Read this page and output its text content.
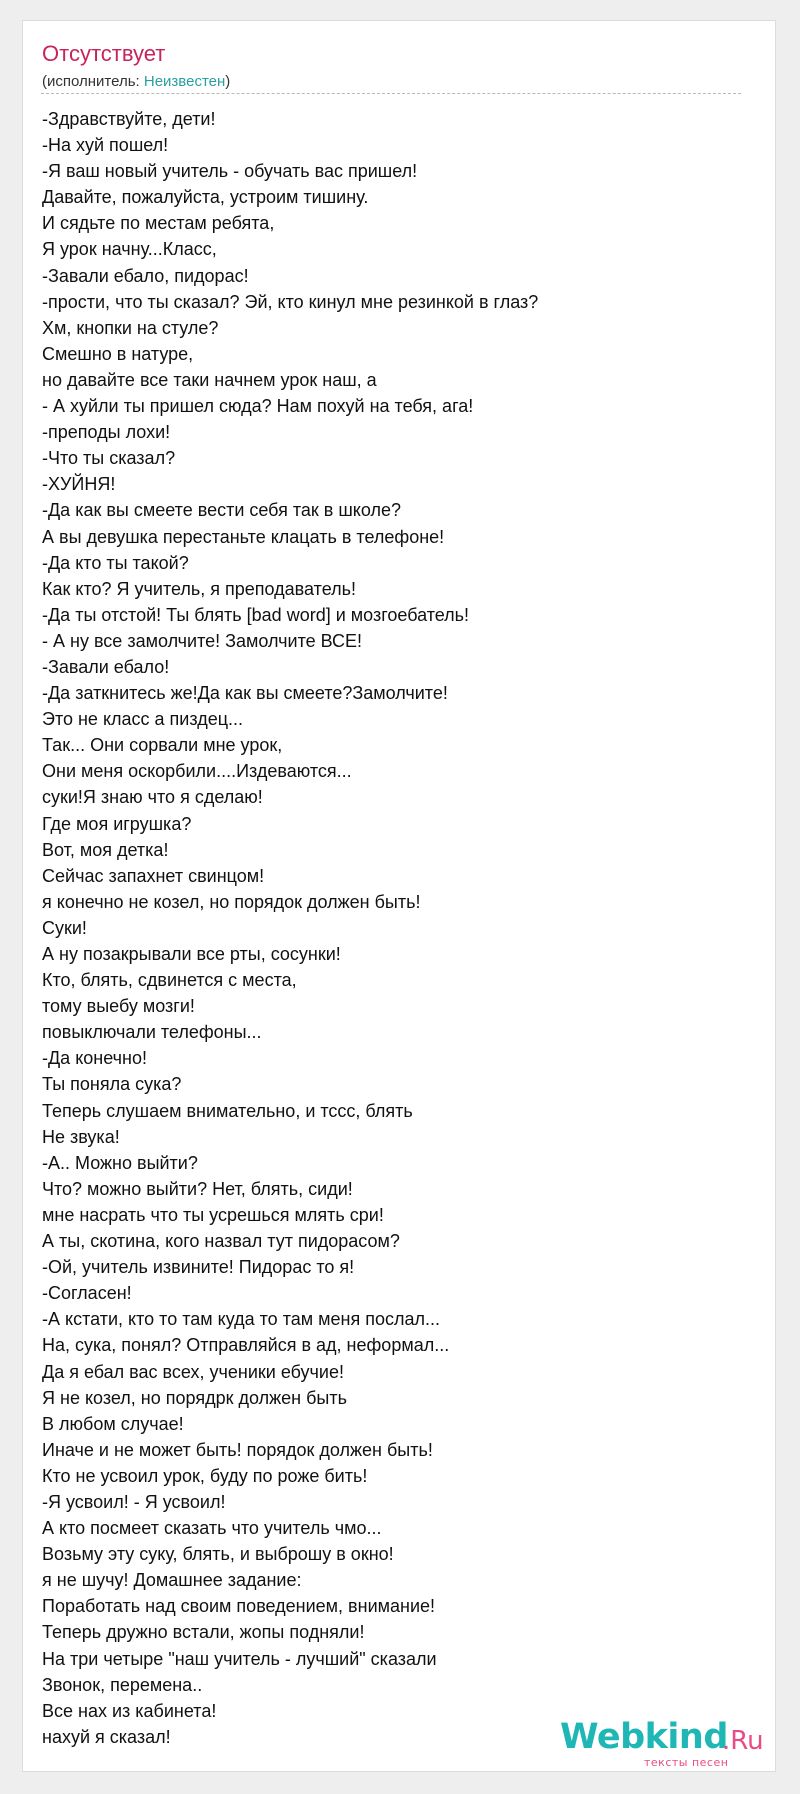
Отсутствует
(исполнитель: Неизвестен)
-Здравствуйте, дети!
-На хуй пошел!
-Я ваш новый учитель - обучать вас пришел!
Давайте, пожалуйста, устроим тишину.
И сядьте по местам ребята,
Я урок начну...Класс,
-Завали ебало, пидорас!
-прости, что ты сказал? Эй, кто кинул мне резинкой в глаз?
Хм, кнопки на стуле?
Смешно в натуре,
но давайте все таки начнем урок наш, а
- А хуйли ты пришел сюда? Нам похуй на тебя, ага!
-преподы лохи!
-Что ты сказал?
-ХУЙНЯ!
-Да как вы смеете вести себя так в школе?
А вы девушка перестаньте клацать в телефоне!
-Да кто ты такой?
Как кто? Я учитель, я преподаватель!
-Да ты отстой! Ты блять [bad word] и мозгоебатель!
- А ну все замолчите! Замолчите ВСЕ!
-Завали ебало!
-Да заткнитесь же!Да как вы смеете?Замолчите!
Это не класс а пиздец...
Так... Они сорвали мне урок,
Они меня оскорбили....Издеваются...
суки!Я знаю что я сделаю!
Где моя игрушка?
Вот, моя детка!
Сейчас запахнет свинцом!
я конечно не козел, но порядок должен быть!
Суки!
А ну позакрывали все рты, сосунки!
Кто, блять, сдвинется с места,
тому выебу мозги!
повыключали телефоны...
-Да конечно!
Ты поняла сука?
Теперь слушаем внимательно, и тссс, блять
Не звука!
-А.. Можно выйти?
Что? можно выйти? Нет, блять, сиди!
мне насрать что ты усрешься млять сри!
А ты, скотина, кого назвал тут пидорасом?
-Ой, учитель извините! Пидорас то я!
-Согласен!
-А кстати, кто то там куда то там меня послал...
На, сука, понял? Отправляйся в ад, неформал...
Да я ебал вас всех, ученики ебучие!
Я не козел, но порядрк должен быть
В любом случае!
Иначе и не может быть! порядок должен быть!
Кто не усвоил урок, буду по роже бить!
-Я усвоил! - Я усвоил!
А кто посмеет сказать что учитель чмо...
Возьму эту суку, блять, и выброшу в окно!
я не шучу! Домашнее задание:
Поработать над своим поведением, внимание!
Теперь дружно встали, жопы подняли!
На три четыре "наш учитель - лучший" сказали
Звонок, перемена..
Все нах из кабинета!
нахуй я сказал!	Webkind
.Ru
тексты песен
